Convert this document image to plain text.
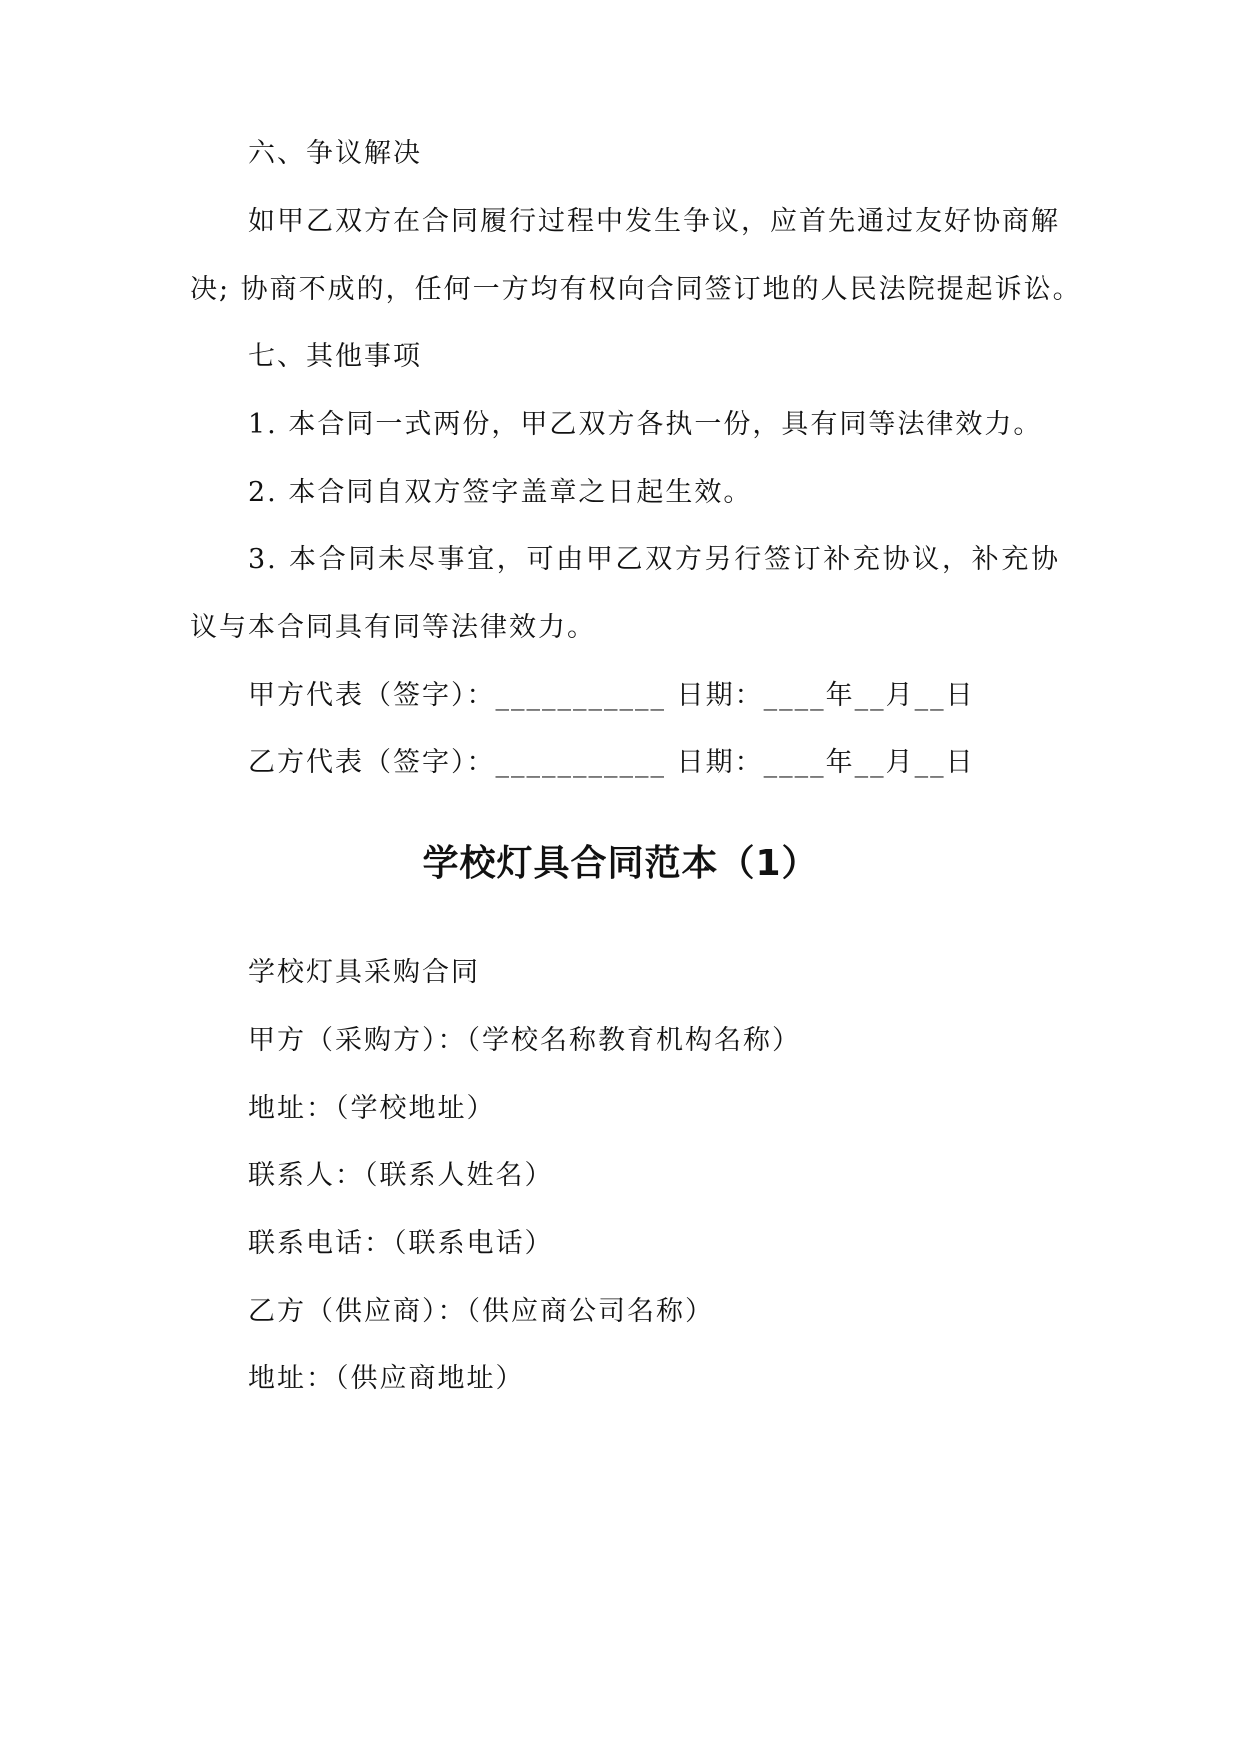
六、争议解决
如甲乙双方在合同履行过程中发生争议，应首先通过友好协商解
决; 协商不成的，任何一方均有权向合同签订地的人民法院提起诉讼。
七、其他事项
1. 本合同一式两份，甲乙双方各执一份，具有同等法律效力。
2. 本合同自双方签字盖章之日起生效。
3. 本合同未尽事宜，可由甲乙双方另行签订补充协议，补充协
议与本合同具有同等法律效力。
甲方代表（签字）：___________ 日期：____年__月__日
乙方代表（签字）：___________ 日期：____年__月__日
学校灯具合同范本（1）
学校灯具采购合同
甲方（采购方）：（学校名称教育机构名称）
地址：（学校地址）
联系人：（联系人姓名）
联系电话：（联系电话）
乙方（供应商）：（供应商公司名称）
地址：（供应商地址）
